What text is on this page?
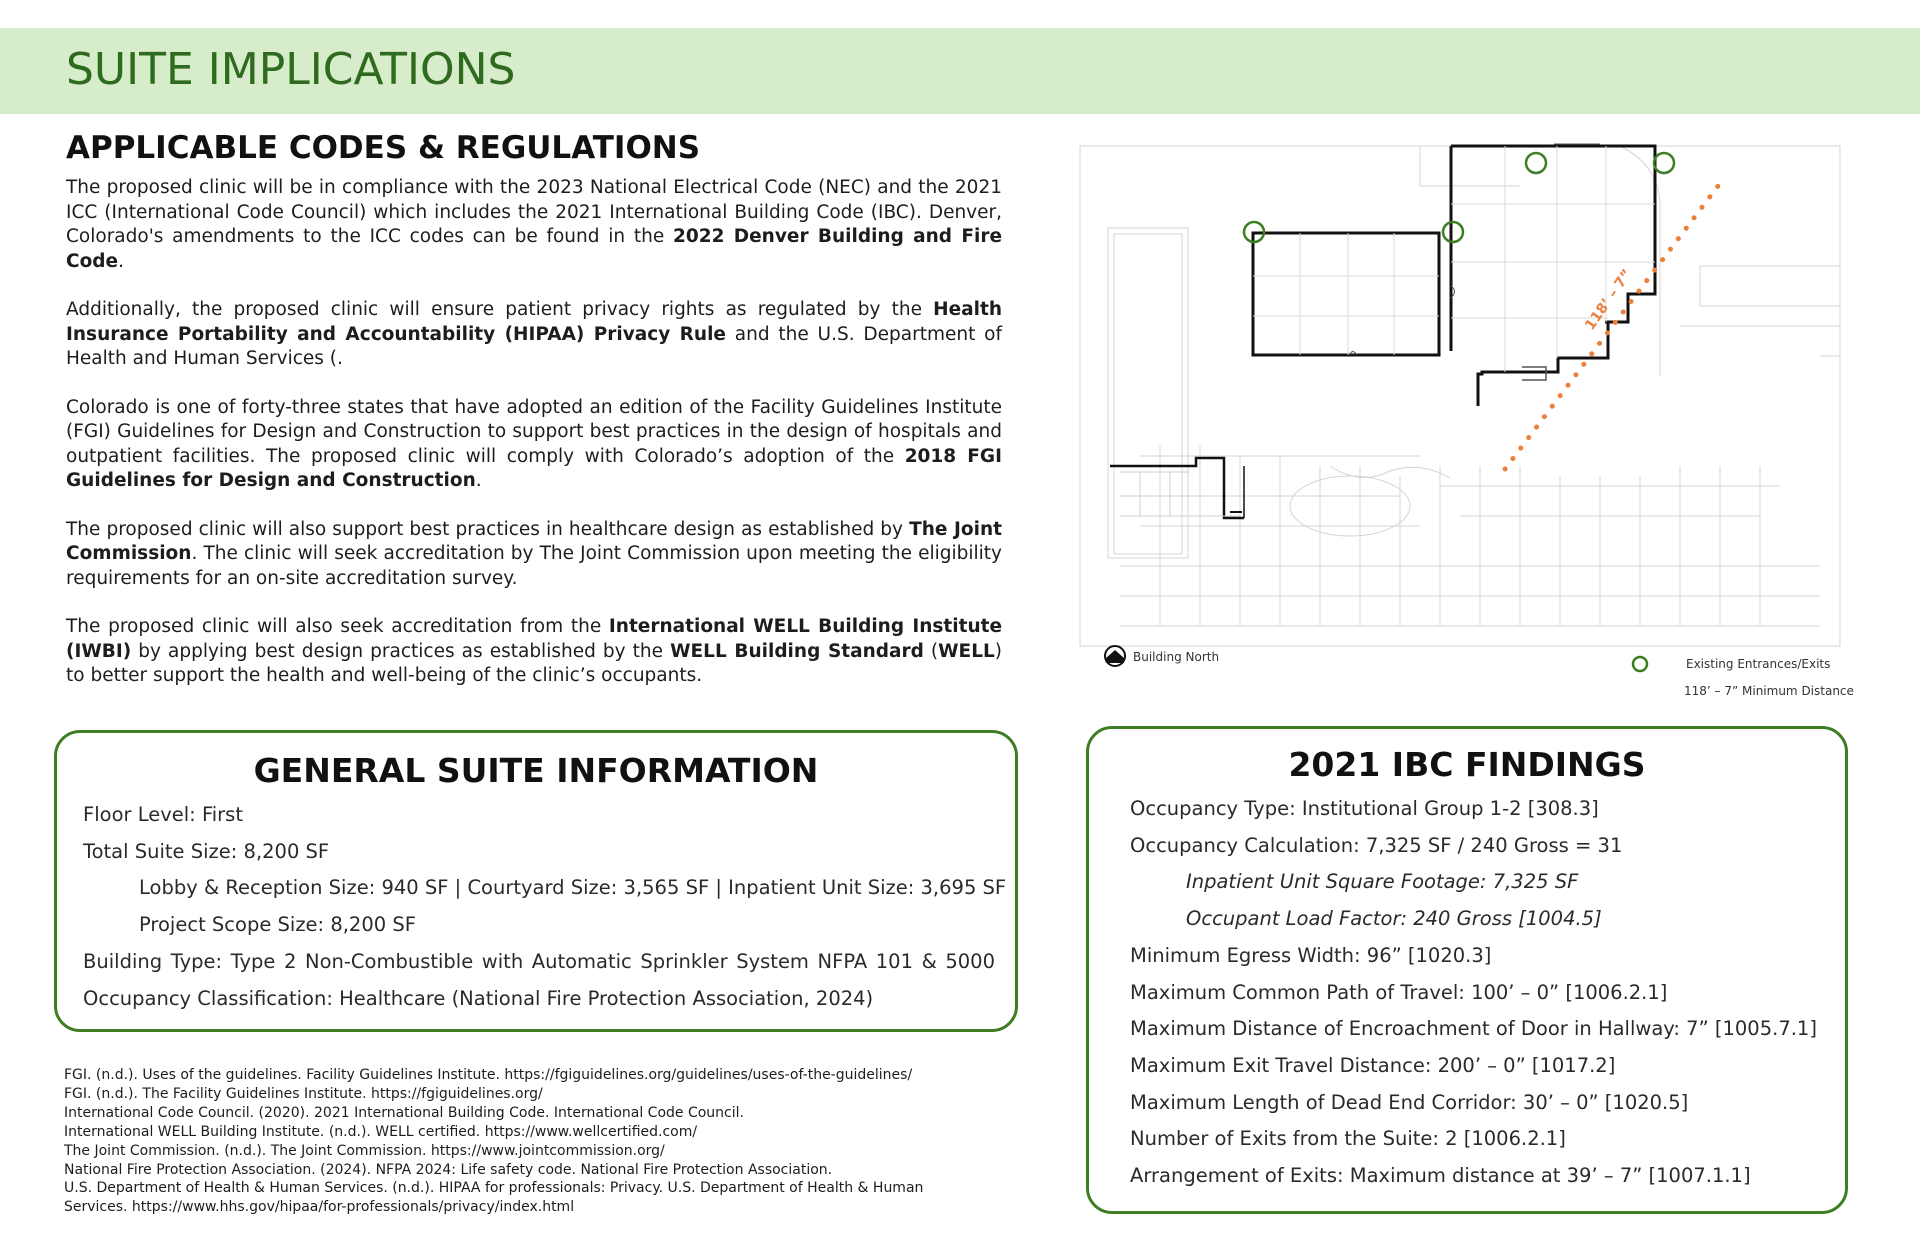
SUITE IMPLICATIONS
APPLICABLE CODES & REGULATIONS

The proposed clinic will be in compliance with the 2023 National Electrical Code (NEC) and the 2021 ICC (International Code Council) which includes the 2021 International Building Code (IBC). Denver, Colorado's amendments to the ICC codes can be found in the 2022 Denver Building and Fire Code.

Additionally, the proposed clinic will ensure patient privacy rights as regulated by the Health Insurance Portability and Accountability (HIPAA) Privacy Rule and the U.S. Department of Health and Human Services (.

Colorado is one of forty-three states that have adopted an edition of the Facility Guidelines Institute (FGI) Guidelines for Design and Construction to support best practices in the design of hospitals and outpatient facilities. The proposed clinic will comply with Colorado’s adoption of the 2018 FGI Guidelines for Design and Construction.

The proposed clinic will also support best practices in healthcare design as established by The Joint Commission. The clinic will seek accreditation by The Joint Commission upon meeting the eligibility requirements for an on-site accreditation survey.

The proposed clinic will also seek accreditation from the International WELL Building Institute (IWBI) by applying best design practices as established by the WELL Building Standard (WELL) to better support the health and well-being of the clinic’s occupants.

118’ – 7”
Building North	Existing Entrances/Exits
118’ – 7” Minimum Distance
GENERAL SUITE INFORMATION
Floor Level: First
Total Suite Size: 8,200 SF
Lobby & Reception Size: 940 SF | Courtyard Size: 3,565 SF | Inpatient Unit Size: 3,695 SF
Project Scope Size: 8,200 SF
Building Type: Type 2 Non-Combustible with Automatic Sprinkler System NFPA 101 & 5000
Occupancy Classification: Healthcare (National Fire Protection Association, 2024)
2021 IBC FINDINGS
Occupancy Type: Institutional Group 1-2 [308.3]
Occupancy Calculation: 7,325 SF / 240 Gross = 31
Inpatient Unit Square Footage: 7,325 SF
Occupant Load Factor: 240 Gross [1004.5]
Minimum Egress Width: 96” [1020.3]
Maximum Common Path of Travel: 100’ – 0” [1006.2.1]
Maximum Distance of Encroachment of Door in Hallway: 7” [1005.7.1]
Maximum Exit Travel Distance: 200’ – 0” [1017.2]
Maximum Length of Dead End Corridor: 30’ – 0” [1020.5]
Number of Exits from the Suite: 2 [1006.2.1]
Arrangement of Exits: Maximum distance at 39’ – 7” [1007.1.1]
FGI. (n.d.). Uses of the guidelines. Facility Guidelines Institute. https://fgiguidelines.org/guidelines/uses-of-the-guidelines/
FGI. (n.d.). The Facility Guidelines Institute. https://fgiguidelines.org/
International Code Council. (2020). 2021 International Building Code. International Code Council.
International WELL Building Institute. (n.d.). WELL certified. https://www.wellcertified.com/
The Joint Commission. (n.d.). The Joint Commission. https://www.jointcommission.org/
National Fire Protection Association. (2024). NFPA 2024: Life safety code. National Fire Protection Association.
U.S. Department of Health & Human Services. (n.d.). HIPAA for professionals: Privacy. U.S. Department of Health & Human
Services. https://www.hhs.gov/hipaa/for-professionals/privacy/index.html
